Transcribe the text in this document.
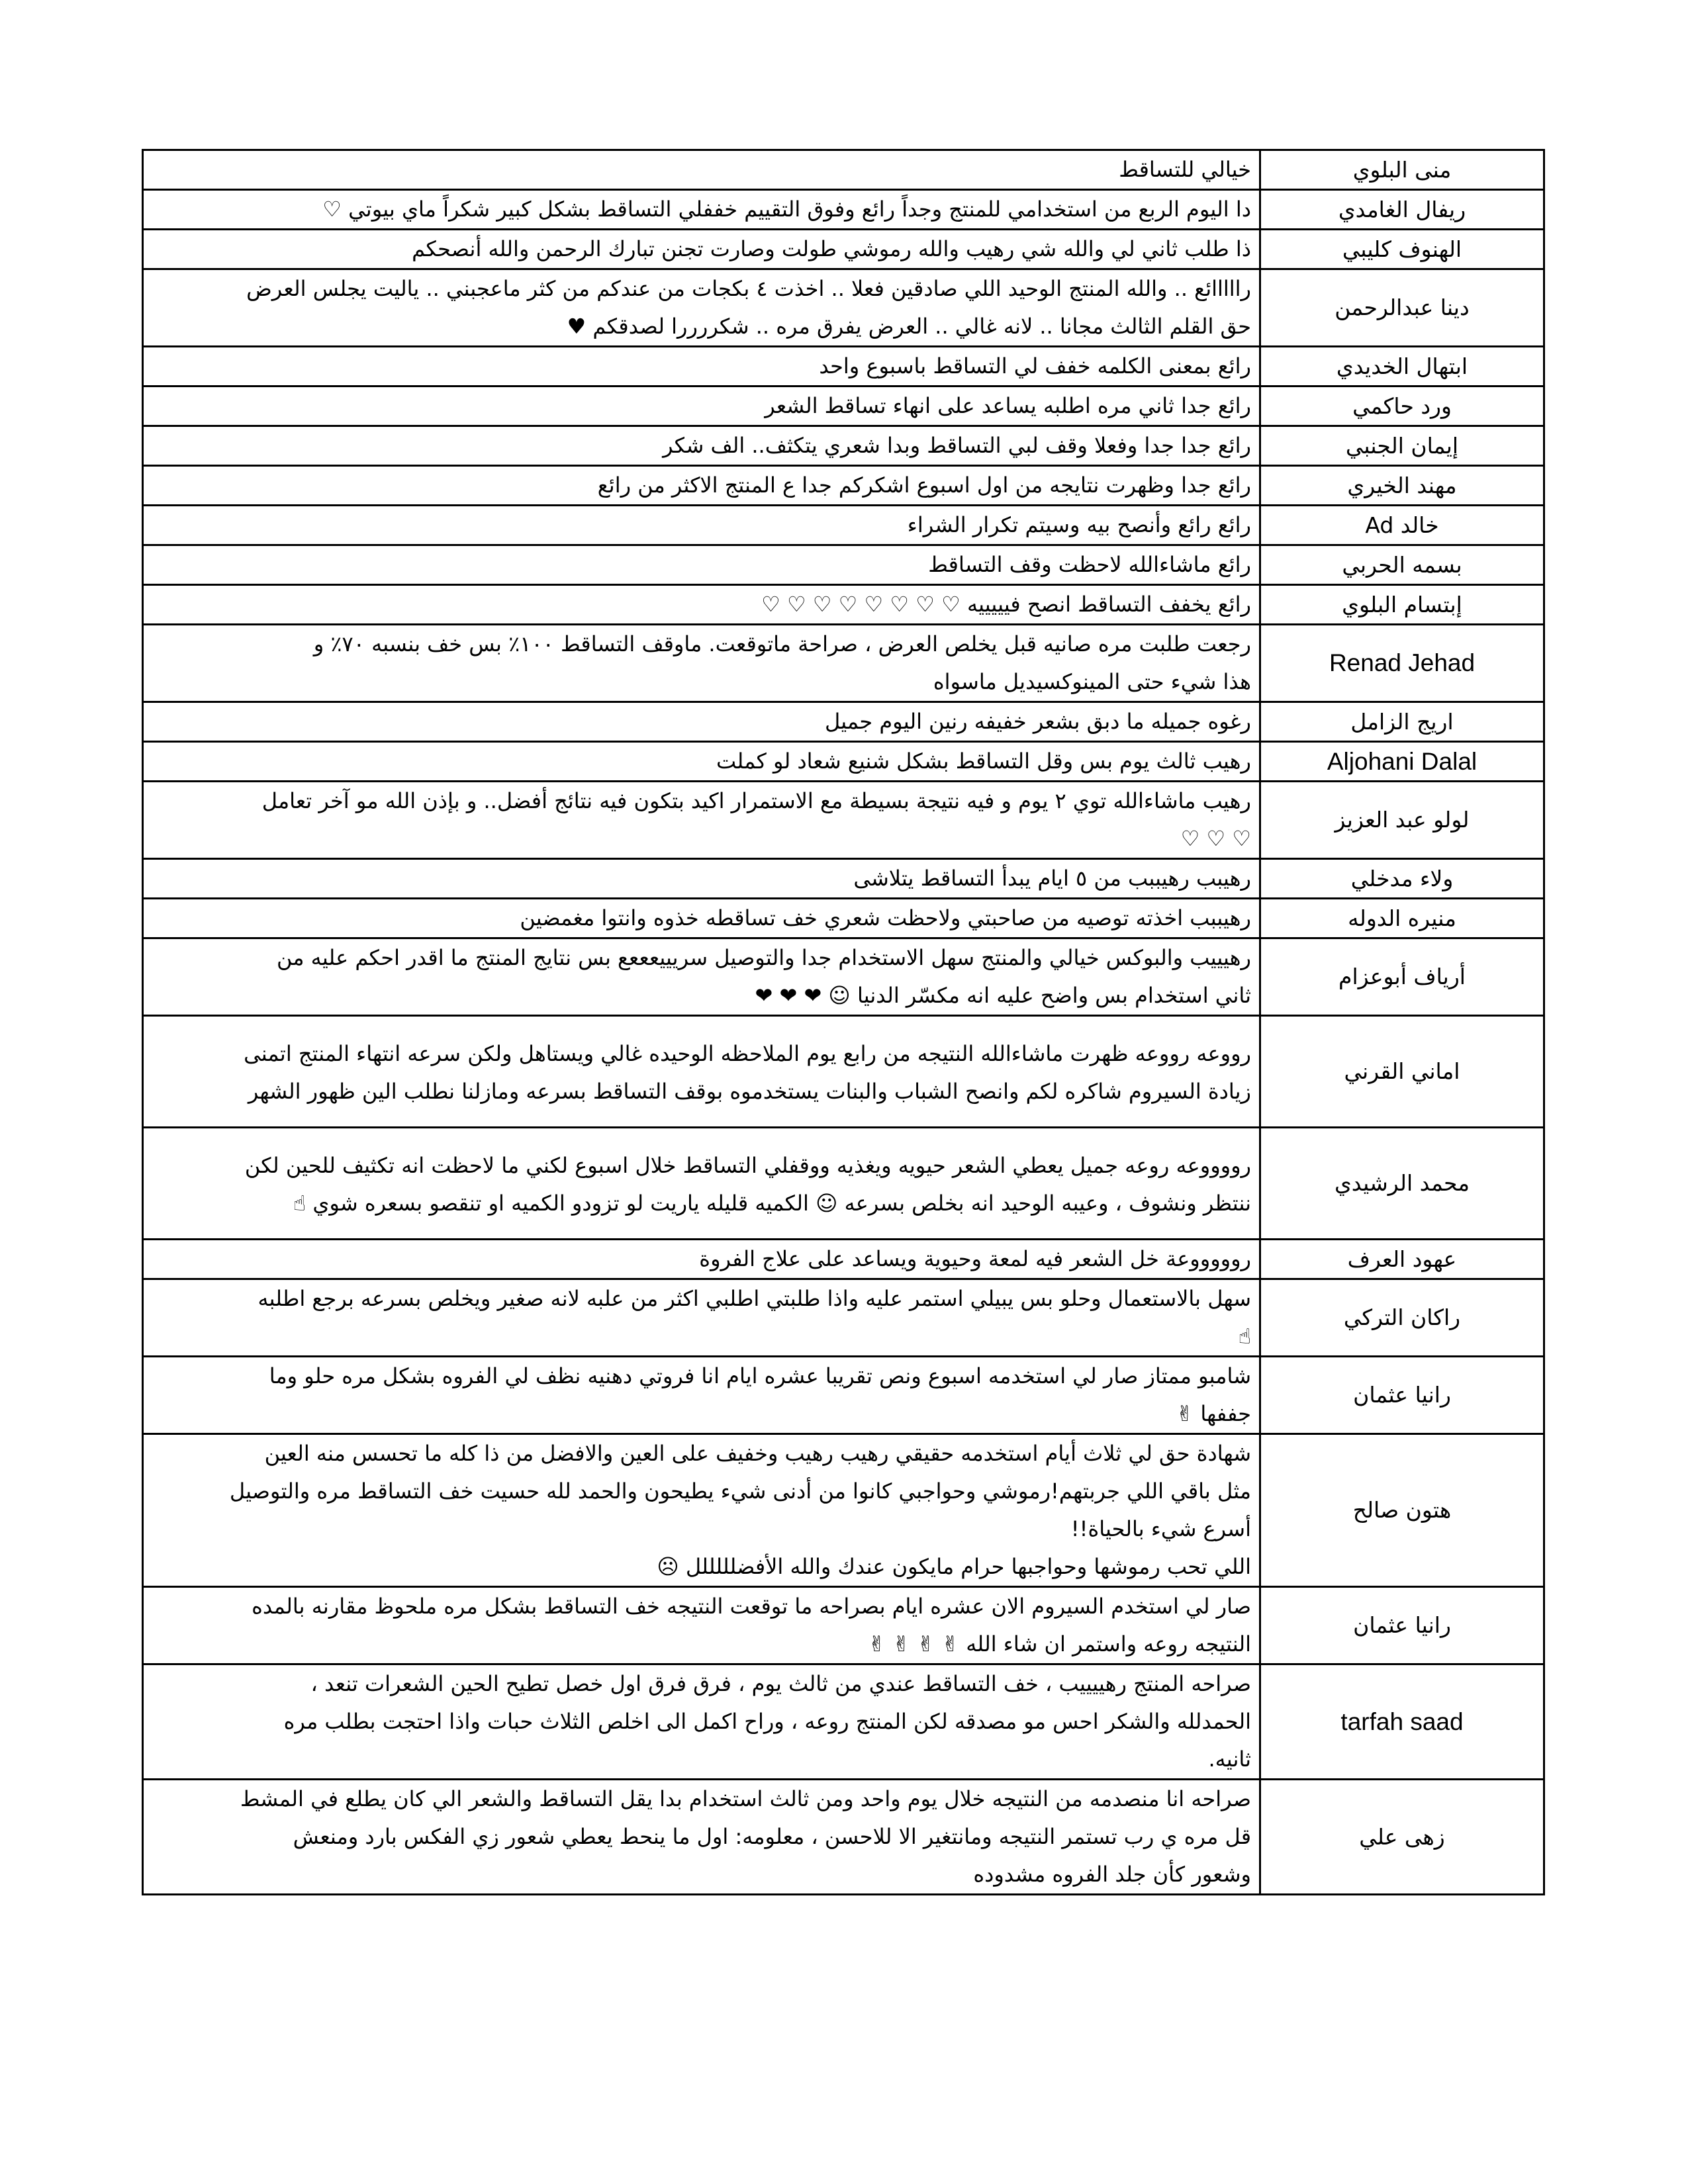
منى البلوي	خيالي للتساقط

ريفال الغامدي	دا اليوم الربع من استخدامي للمنتج وجداً رائع وفوق التقييم خففلي التساقط بشكل كبير شكراً ماي بيوتي ♡

الهنوف كليبي	ذا طلب ثاني لي والله شي رهيب والله رموشي طولت وصارت تجنن تبارك الرحمن والله أنصحكم

دينا عبدالرحمن	رااااائع .. والله المنتج الوحيد اللي صادقين فعلا .. اخذت ٤ بكجات من عندكم من كثر ماعجبني .. ياليت يجلس العرض
حق القلم الثالث مجانا .. لانه غالي .. العرض يفرق مره .. شكررررا لصدقكم ♥

ابتهال الخديدي	رائع بمعنى الكلمه خفف لي التساقط باسبوع واحد

ورد حاكمي	رائع جدا ثاني مره اطلبه يساعد على انهاء تساقط الشعر

إيمان الجنبي	رائع جدا جدا وفعلا وقف لبي التساقط وبدا شعري يتكثف.. الف شكر

مهند الخيري	رائع جدا وظهرت نتايجه من اول اسبوع اشكركم جدا ع المنتج الاكثر من رائع

خالد Ad	رائع رائع وأنصح بيه وسيتم تكرار الشراء

بسمه الحربي	رائع ماشاءالله لاحظت وقف التساقط

إبتسام البلوي	رائع يخفف التساقط انصح فيييييه ♡ ♡ ♡ ♡ ♡ ♡ ♡ ♡

Renad Jehad	رجعت طلبت مره صانيه قبل يخلص العرض ، صراحة ماتوقعت. ماوقف التساقط ١٠٠٪ بس خف بنسبه ٧٠٪ و
هذا شيء حتى المينوكسيديل ماسواه

اريج الزامل	رغوه جميله ما دبق بشعر خفيفه رنين اليوم جميل

Aljohani Dalal	رهيب ثالث يوم بس وقل التساقط بشكل شنيع شعاد لو كملت

لولو عبد العزيز	رهيب ماشاءالله توي ٢ يوم و فيه نتيجة بسيطة مع الاستمرار اكيد بتكون فيه نتائج أفضل.. و بإذن الله مو آخر تعامل
♡ ♡ ♡

ولاء مدخلي	رهيبب رهيببب من ٥ ايام يبدأ التساقط يتلاشى

منيره الدوله	رهيببب اخذته توصيه من صاحبتي ولاحظت شعري خف تساقطه خذوه وانتوا مغمضين

أرياف أبوعزام	رهيييب والبوكس خيالي والمنتج سهل الاستخدام جدا والتوصيل سريييعععع بس نتايج المنتج ما اقدر احكم عليه من
ثاني استخدام بس واضح عليه انه مكسّر الدنيا ☺ ❤ ❤ ❤

اماني القرني	رووعه رووعه ظهرت ماشاءالله النتيجه من رابع يوم الملاحظه الوحيده غالي ويستاهل ولكن سرعه انتهاء المنتج اتمنى
زيادة السيروم شاكره لكم وانصح الشباب والبنات يستخدموه بوقف التساقط بسرعه ومازلنا نطلب الين ظهور الشهر

محمد الرشيدي	رووووعه روعه جميل يعطي الشعر حيويه ويغذيه ووقفلي التساقط خلال اسبوع لكني ما لاحظت انه تكثيف للحين لكن
ننتظر ونشوف ، وعيبه الوحيد انه بخلص بسرعه ☺ الكميه قليله ياريت لو تزودو الكميه او تنقصو بسعره شوي ☝

عهود العرف	روووووعة خل الشعر فيه لمعة وحيوية ويساعد على علاج الفروة

راكان التركي	سهل بالاستعمال وحلو بس يبيلي استمر عليه واذا طلبتي اطلبي اكثر من علبه لانه صغير ويخلص بسرعه برجع اطلبه
☝

رانيا عثمان	شامبو ممتاز صار لي استخدمه اسبوع ونص تقريبا عشره ايام انا فروتي دهنيه نظف لي الفروه بشكل مره حلو وما
جففها ✌

هتون صالح	شهادة حق لي ثلاث أيام استخدمه حقيقي رهيب رهيب وخفيف على العين والافضل من ذا كله ما تحسس منه العين
مثل باقي اللي جربتهم!رموشي وحواجبي كانوا من أدنى شيء يطيحون والحمد لله حسيت خف التساقط مره والتوصيل
أسرع شيء بالحياة!!
اللي تحب رموشها وحواجبها حرام مايكون عندك والله الأفضلللللل ☹

رانيا عثمان	صار لي استخدم السيروم الان عشره ايام بصراحه ما توقعت النتيجه خف التساقط بشكل مره ملحوظ مقارنه بالمده
النتيجه روعه واستمر ان شاء الله ✌ ✌ ✌ ✌

tarfah saad	صراحه المنتج رهييييب ، خف التساقط عندي من ثالث يوم ، فرق فرق اول خصل تطيح الحين الشعرات تنعد ،
الحمدلله والشكر احس مو مصدقه لكن المنتج روعه ، وراح اكمل الى اخلص الثلاث حبات واذا احتجت بطلب مره
ثانيه.

زهى علي	صراحه انا منصدمه من النتيجه خلال يوم واحد ومن ثالث استخدام بدا يقل التساقط والشعر الي كان يطلع في المشط
قل مره ي رب تستمر النتيجه ومانتغير الا للاحسن ، معلومه: اول ما ينحط يعطي شعور زي الفكس بارد ومنعش
وشعور كأن جلد الفروه مشدوده
